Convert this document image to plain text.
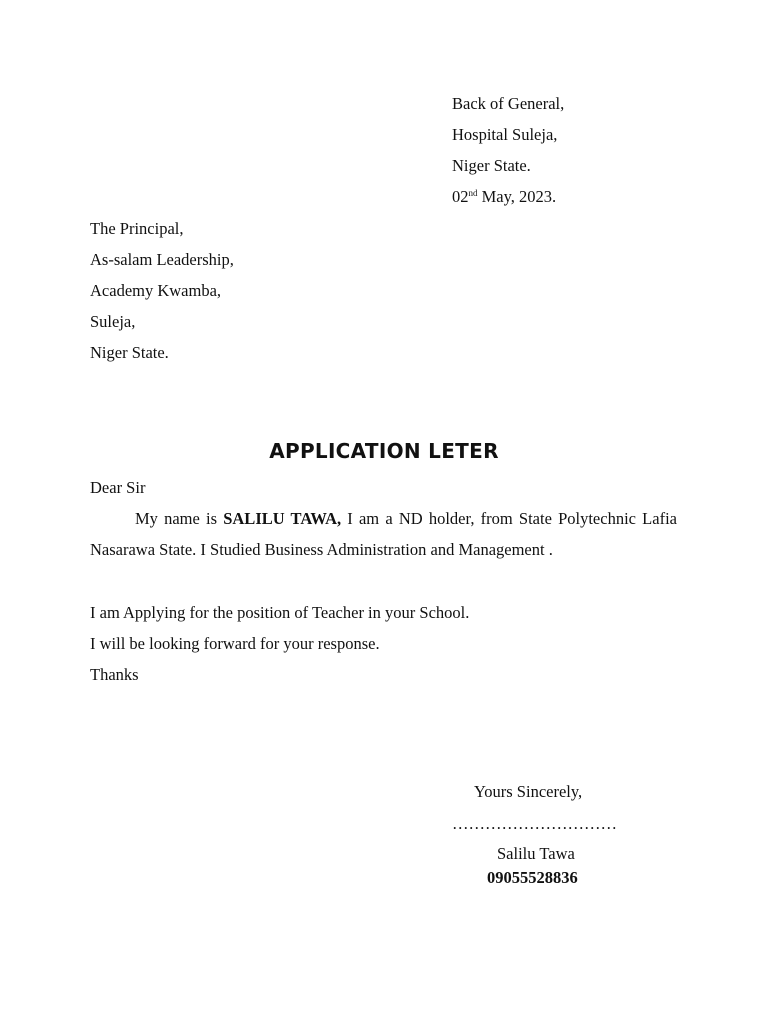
Back of General,
Hospital Suleja,
Niger State.
02nd May, 2023.
The Principal,
As-salam Leadership,
Academy Kwamba,
Suleja,
Niger State.
APPLICATION LETER
Dear Sir
My name is SALILU TAWA, I am a ND holder, from State Polytechnic Lafia Nasarawa State. I Studied Business Administration and Management .
I am Applying for the position of Teacher in your School.
I will be looking forward for your response.
Thanks
Yours Sincerely,
…………………………
Salilu Tawa
09055528836
